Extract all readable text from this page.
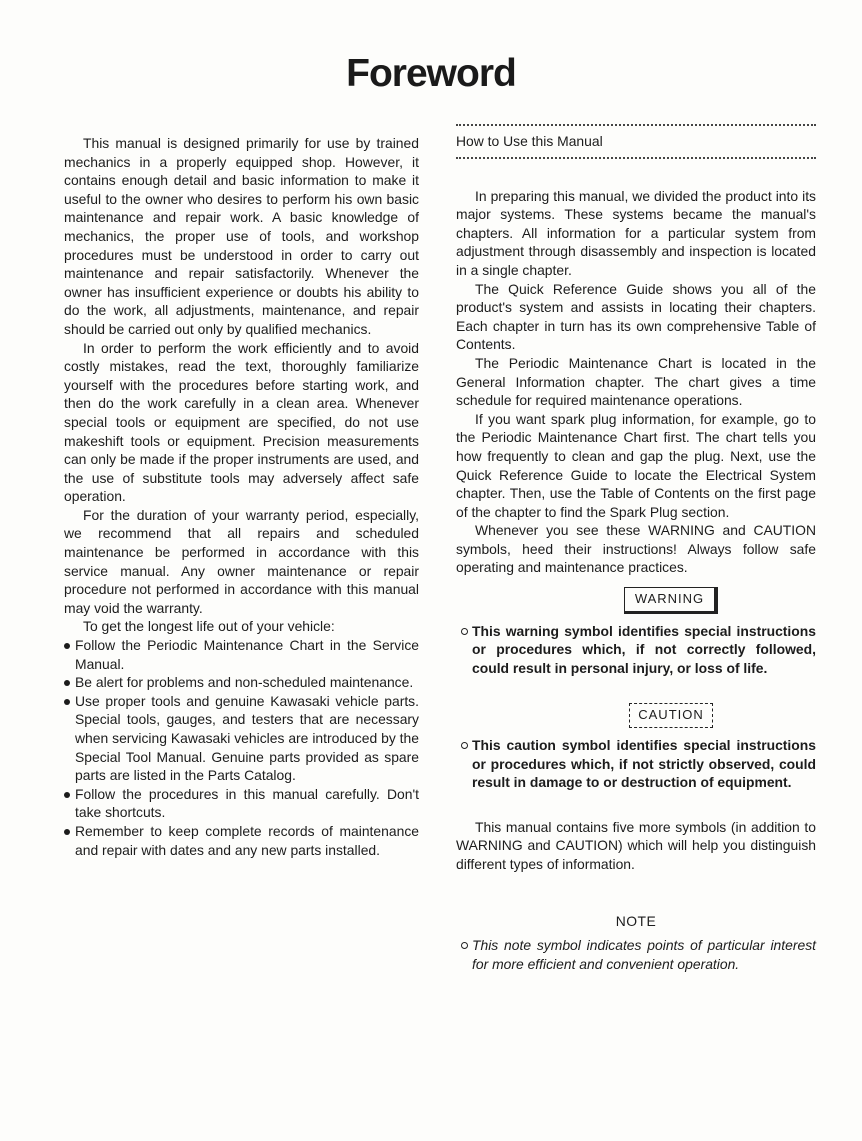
Foreword

This manual is designed primarily for use by trained mechanics in a properly equipped shop. However, it contains enough detail and basic information to make it useful to the owner who desires to perform his own basic maintenance and repair work. A basic knowledge of mechanics, the proper use of tools, and workshop procedures must be understood in order to carry out maintenance and repair satisfactorily. Whenever the owner has insufficient experience or doubts his ability to do the work, all adjustments, maintenance, and repair should be carried out only by qualified mechanics.

In order to perform the work efficiently and to avoid costly mistakes, read the text, thoroughly familiarize yourself with the procedures before starting work, and then do the work carefully in a clean area. Whenever special tools or equipment are specified, do not use makeshift tools or equipment. Precision measurements can only be made if the proper instruments are used, and the use of substitute tools may adversely affect safe operation.

For the duration of your warranty period, especially, we recommend that all repairs and scheduled maintenance be performed in accordance with this service manual. Any owner maintenance or repair procedure not performed in accordance with this manual may void the warranty.

To get the longest life out of your vehicle:

Follow the Periodic Maintenance Chart in the Service Manual.
Be alert for problems and non-scheduled maintenance.
Use proper tools and genuine Kawasaki vehicle parts. Special tools, gauges, and testers that are necessary when servicing Kawasaki vehicles are introduced by the Special Tool Manual. Genuine parts provided as spare parts are listed in the Parts Catalog.
Follow the procedures in this manual carefully. Don't take shortcuts.
Remember to keep complete records of maintenance and repair with dates and any new parts installed.

How to Use this Manual

In preparing this manual, we divided the product into its major systems. These systems became the manual's chapters. All information for a particular system from adjustment through disassembly and inspection is located in a single chapter.

The Quick Reference Guide shows you all of the product's system and assists in locating their chapters. Each chapter in turn has its own comprehensive Table of Contents.

The Periodic Maintenance Chart is located in the General Information chapter. The chart gives a time schedule for required maintenance operations.

If you want spark plug information, for example, go to the Periodic Maintenance Chart first. The chart tells you how frequently to clean and gap the plug. Next, use the Quick Reference Guide to locate the Electrical System chapter. Then, use the Table of Contents on the first page of the chapter to find the Spark Plug section.

Whenever you see these WARNING and CAUTION symbols, heed their instructions! Always follow safe operating and maintenance practices.

WARNING

This warning symbol identifies special instructions or procedures which, if not correctly followed, could result in personal injury, or loss of life.

CAUTION

This caution symbol identifies special instructions or procedures which, if not strictly observed, could result in damage to or destruction of equipment.

This manual contains five more symbols (in addition to WARNING and CAUTION) which will help you distinguish different types of information.

NOTE

This note symbol indicates points of particular interest for more efficient and convenient operation.
